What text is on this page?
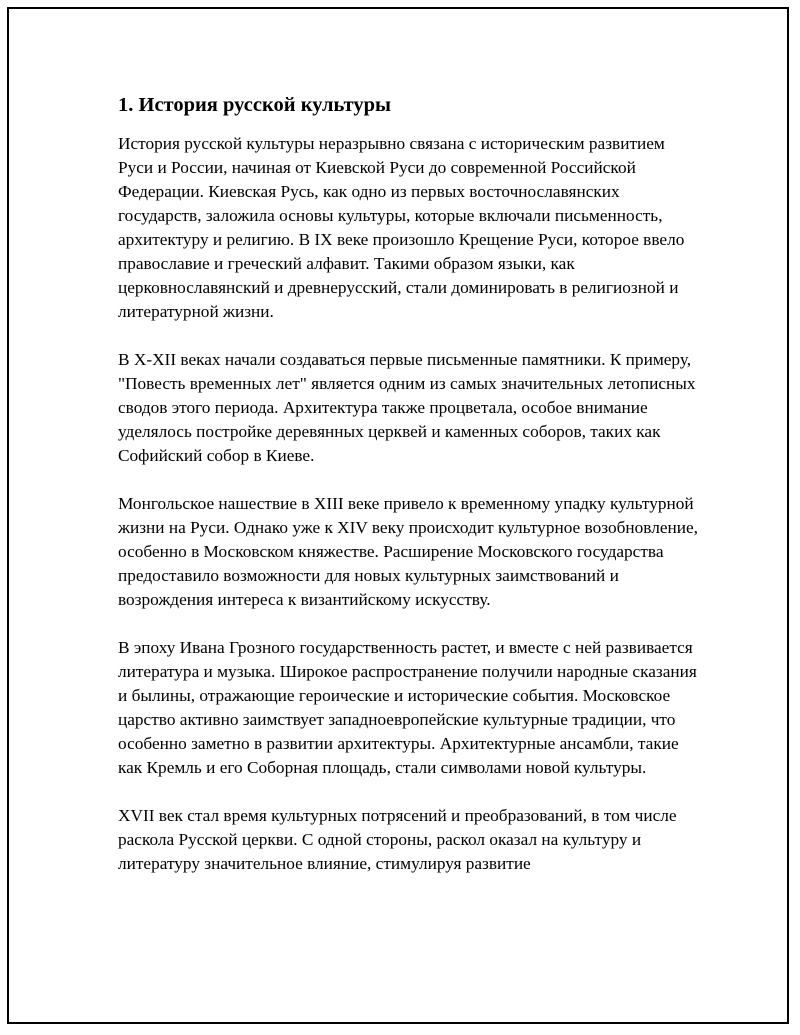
1. История русской культуры

История русской культуры неразрывно связана с историческим развитием Руси и России, начиная от Киевской Руси до современной Российской Федерации. Киевская Русь, как одно из первых восточнославянских государств, заложила основы культуры, которые включали письменность, архитектуру и религию. В IX веке произошло Крещение Руси, которое ввело православие и греческий алфавит. Такими образом языки, как церковнославянский и древнерусский, стали доминировать в религиозной и литературной жизни.

В X-XII веках начали создаваться первые письменные памятники. К примеру, "Повесть временных лет" является одним из самых значительных летописных сводов этого периода. Архитектура также процветала, особое внимание уделялось постройке деревянных церквей и каменных соборов, таких как Софийский собор в Киеве.

Монгольское нашествие в XIII веке привело к временному упадку культурной жизни на Руси. Однако уже к XIV веку происходит культурное возобновление, особенно в Московском княжестве. Расширение Московского государства предоставило возможности для новых культурных заимствований и возрождения интереса к византийскому искусству.

В эпоху Ивана Грозного государственность растет, и вместе с ней развивается литература и музыка. Широкое распространение получили народные сказания и былины, отражающие героические и исторические события. Московское царство активно заимствует западноевропейские культурные традиции, что особенно заметно в развитии архитектуры. Архитектурные ансамбли, такие как Кремль и его Соборная площадь, стали символами новой культуры.

XVII век стал время культурных потрясений и преобразований, в том числе раскола Русской церкви. С одной стороны, раскол оказал на культуру и литературу значительное влияние, стимулируя развитие
